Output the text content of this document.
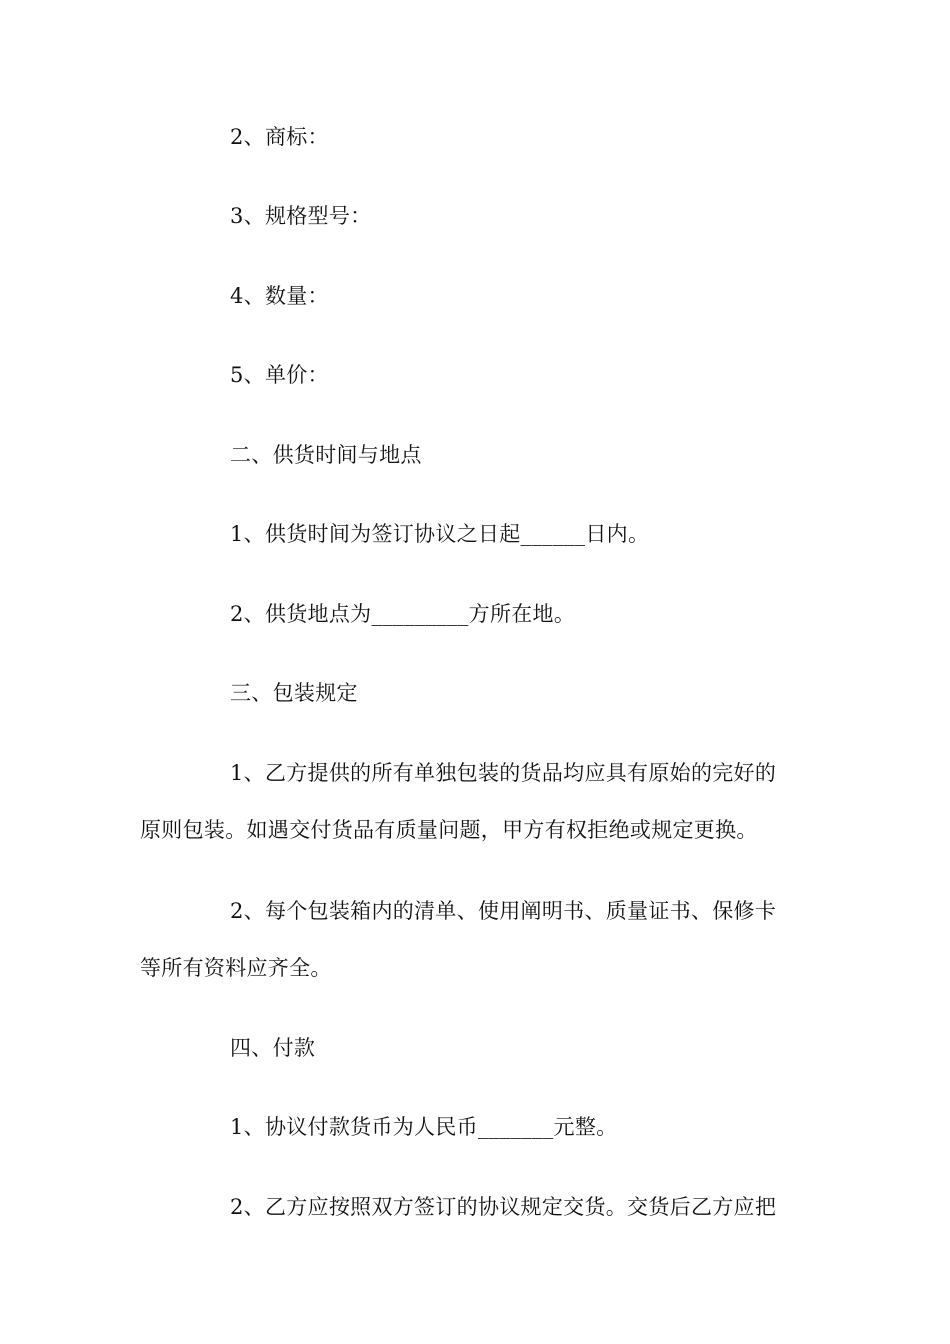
2、商标：
3、规格型号：
4、数量：
5、单价：
二、供货时间与地点
1、供货时间为签订协议之日起______日内。
2、供货地点为_________方所在地。
三、包装规定
1、乙方提供的所有单独包装的货品均应具有原始的完好的
原则包装。如遇交付货品有质量问题，甲方有权拒绝或规定更换。
2、每个包装箱内的清单、使用阐明书、质量证书、保修卡
等所有资料应齐全。
四、付款
1、协议付款货币为人民币_______元整。
2、乙方应按照双方签订的协议规定交货。交货后乙方应把
